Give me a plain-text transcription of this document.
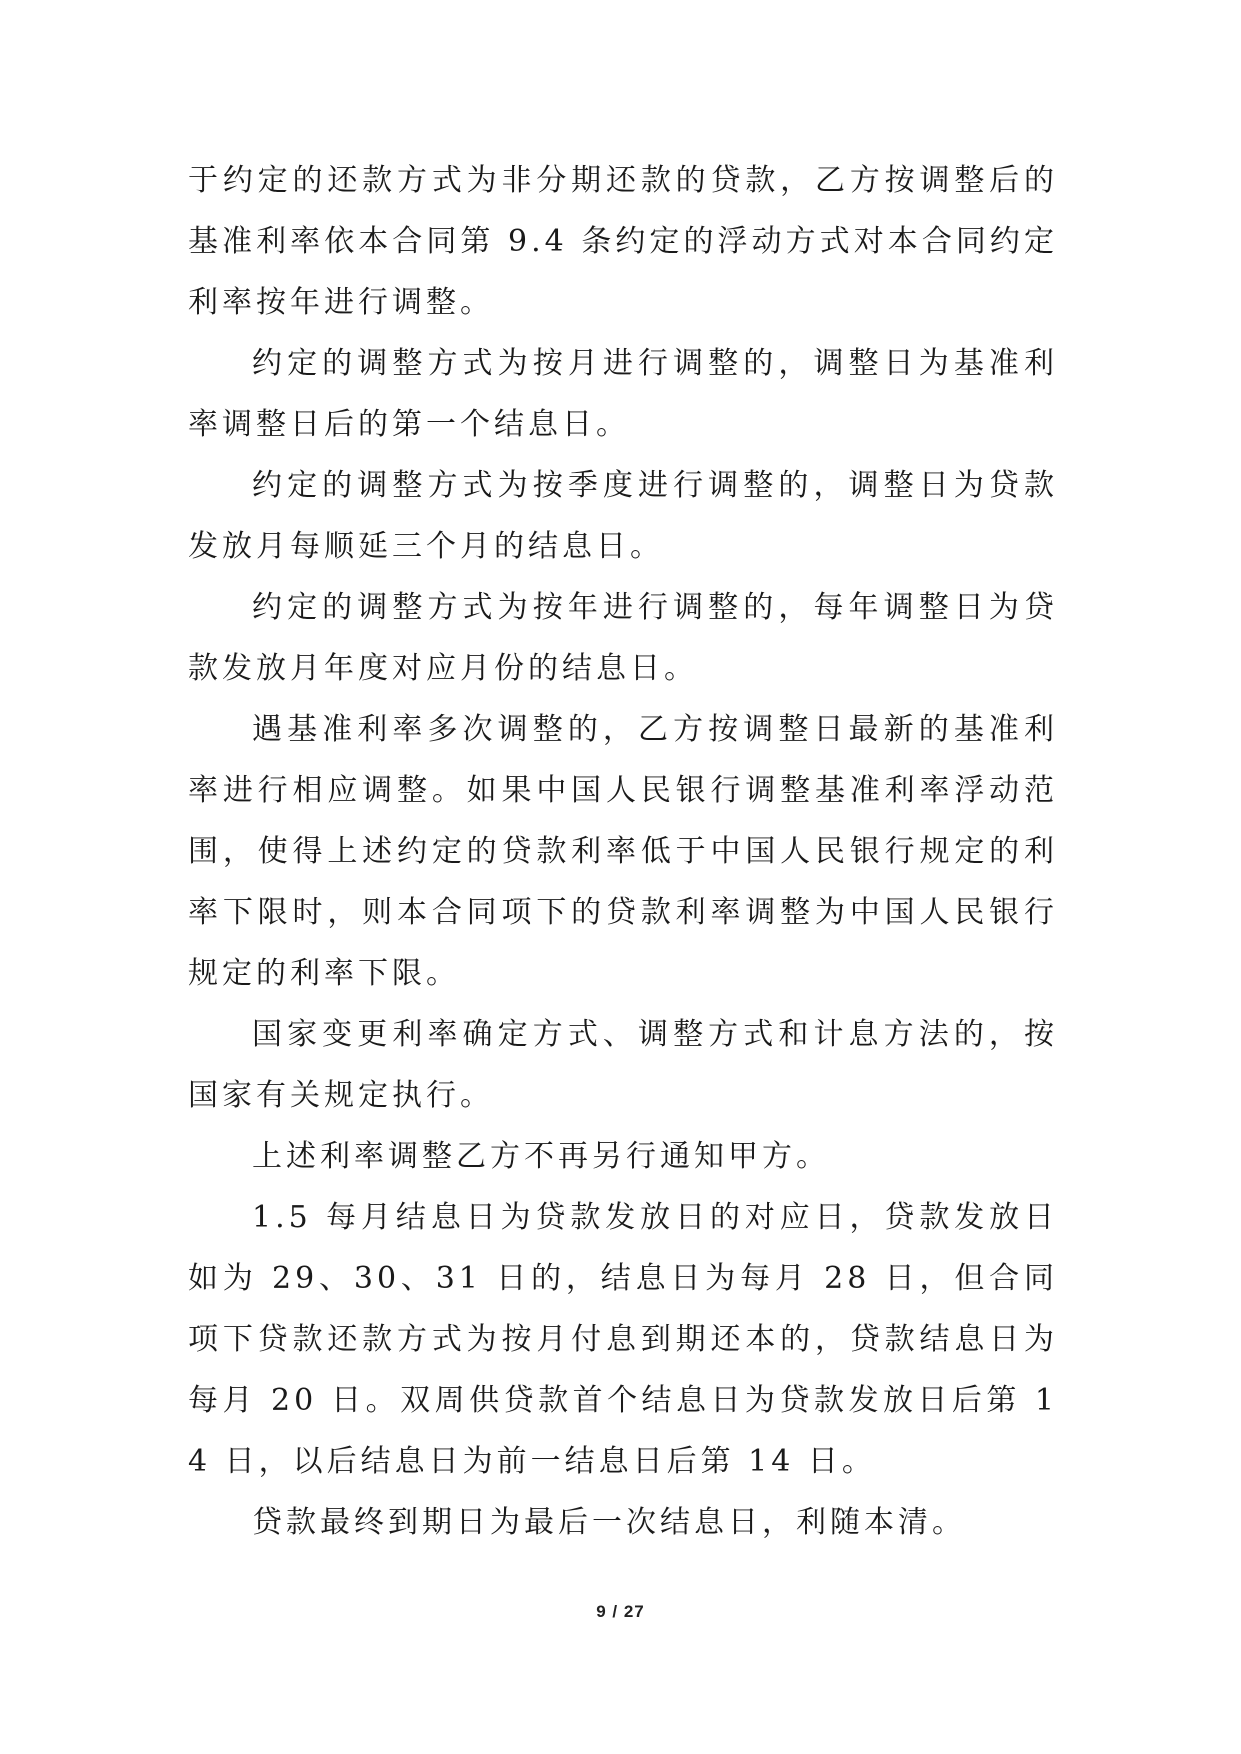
于约定的还款方式为非分期还款的贷款，乙方按调整后的基准利率依本合同第 9.4 条约定的浮动方式对本合同约定利率按年进行调整。

约定的调整方式为按月进行调整的，调整日为基准利率调整日后的第一个结息日。

约定的调整方式为按季度进行调整的，调整日为贷款发放月每顺延三个月的结息日。

约定的调整方式为按年进行调整的，每年调整日为贷款发放月年度对应月份的结息日。

遇基准利率多次调整的，乙方按调整日最新的基准利率进行相应调整。如果中国人民银行调整基准利率浮动范围，使得上述约定的贷款利率低于中国人民银行规定的利率下限时，则本合同项下的贷款利率调整为中国人民银行规定的利率下限。

国家变更利率确定方式、调整方式和计息方法的，按国家有关规定执行。

上述利率调整乙方不再另行通知甲方。

1.5 每月结息日为贷款发放日的对应日，贷款发放日如为 29、30、31 日的，结息日为每月 28 日，但合同项下贷款还款方式为按月付息到期还本的，贷款结息日为每月 20 日。双周供贷款首个结息日为贷款发放日后第 14 日，以后结息日为前一结息日后第 14 日。

贷款最终到期日为最后一次结息日，利随本清。

9 / 27
